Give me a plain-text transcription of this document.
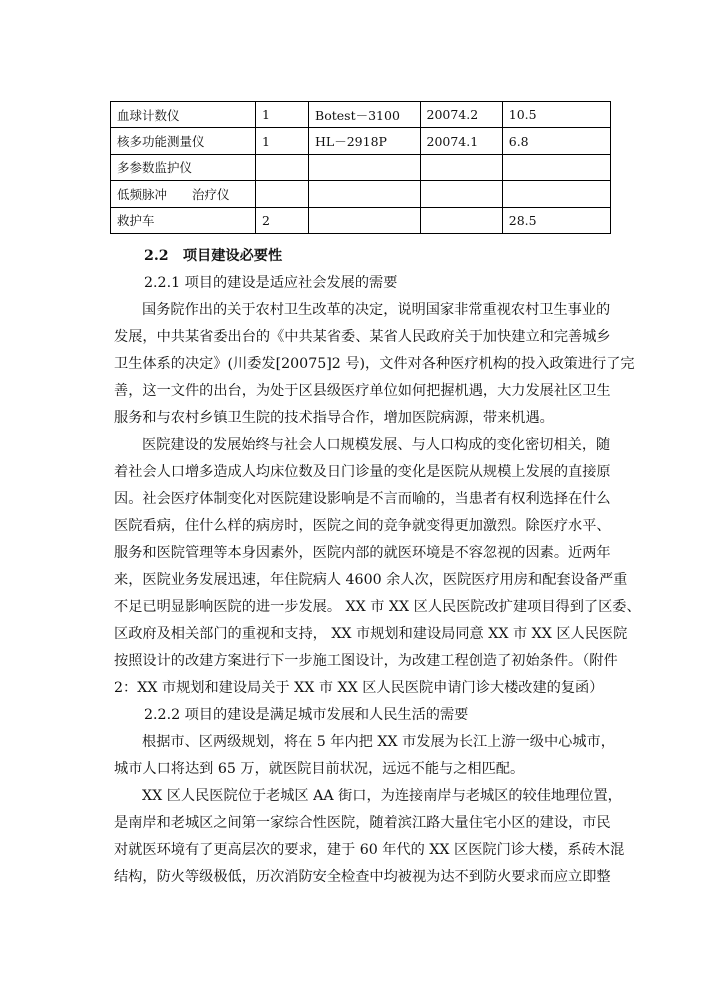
血球计数仪	1	Botest－3100	20074.2	10.5
核多功能测量仪	1	HL－2918P	20074.1	6.8
多参数监护仪				
低频脉冲　　治疗仪				
救护车	2			28.5

2.2　项目建设必要性

2.2.1 项目的建设是适应社会发展的需要

国务院作出的关于农村卫生改革的决定，说明国家非常重视农村卫生事业的
发展，中共某省委出台的《中共某省委、某省人民政府关于加快建立和完善城乡
卫生体系的决定》(川委发[20075]2 号)，文件对各种医疗机构的投入政策进行了完
善，这一文件的出台，为处于区县级医疗单位如何把握机遇，大力发展社区卫生
服务和与农村乡镇卫生院的技术指导合作，增加医院病源，带来机遇。

医院建设的发展始终与社会人口规模发展、与人口构成的变化密切相关，随
着社会人口增多造成人均床位数及日门诊量的变化是医院从规模上发展的直接原
因。社会医疗体制变化对医院建设影响是不言而喻的，当患者有权利选择在什么
医院看病，住什么样的病房时，医院之间的竞争就变得更加激烈。除医疗水平、
服务和医院管理等本身因素外，医院内部的就医环境是不容忽视的因素。近两年
来，医院业务发展迅速，年住院病人 4600 余人次，医院医疗用房和配套设备严重
不足已明显影响医院的进一步发展。 XX 市 XX 区人民医院改扩建项目得到了区委、
区政府及相关部门的重视和支持， XX 市规划和建设局同意 XX 市 XX 区人民医院
按照设计的改建方案进行下一步施工图设计，为改建工程创造了初始条件。（附件
2：XX 市规划和建设局关于 XX 市 XX 区人民医院申请门诊大楼改建的复函）

2.2.2 项目的建设是满足城市发展和人民生活的需要

根据市、区两级规划，将在 5 年内把 XX 市发展为长江上游一级中心城市，
城市人口将达到 65 万，就医院目前状况，远远不能与之相匹配。

XX 区人民医院位于老城区 AA 街口，为连接南岸与老城区的较佳地理位置，
是南岸和老城区之间第一家综合性医院，随着滨江路大量住宅小区的建设，市民
对就医环境有了更高层次的要求，建于 60 年代的 XX 区医院门诊大楼，系砖木混
结构，防火等级极低，历次消防安全检查中均被视为达不到防火要求而应立即整
